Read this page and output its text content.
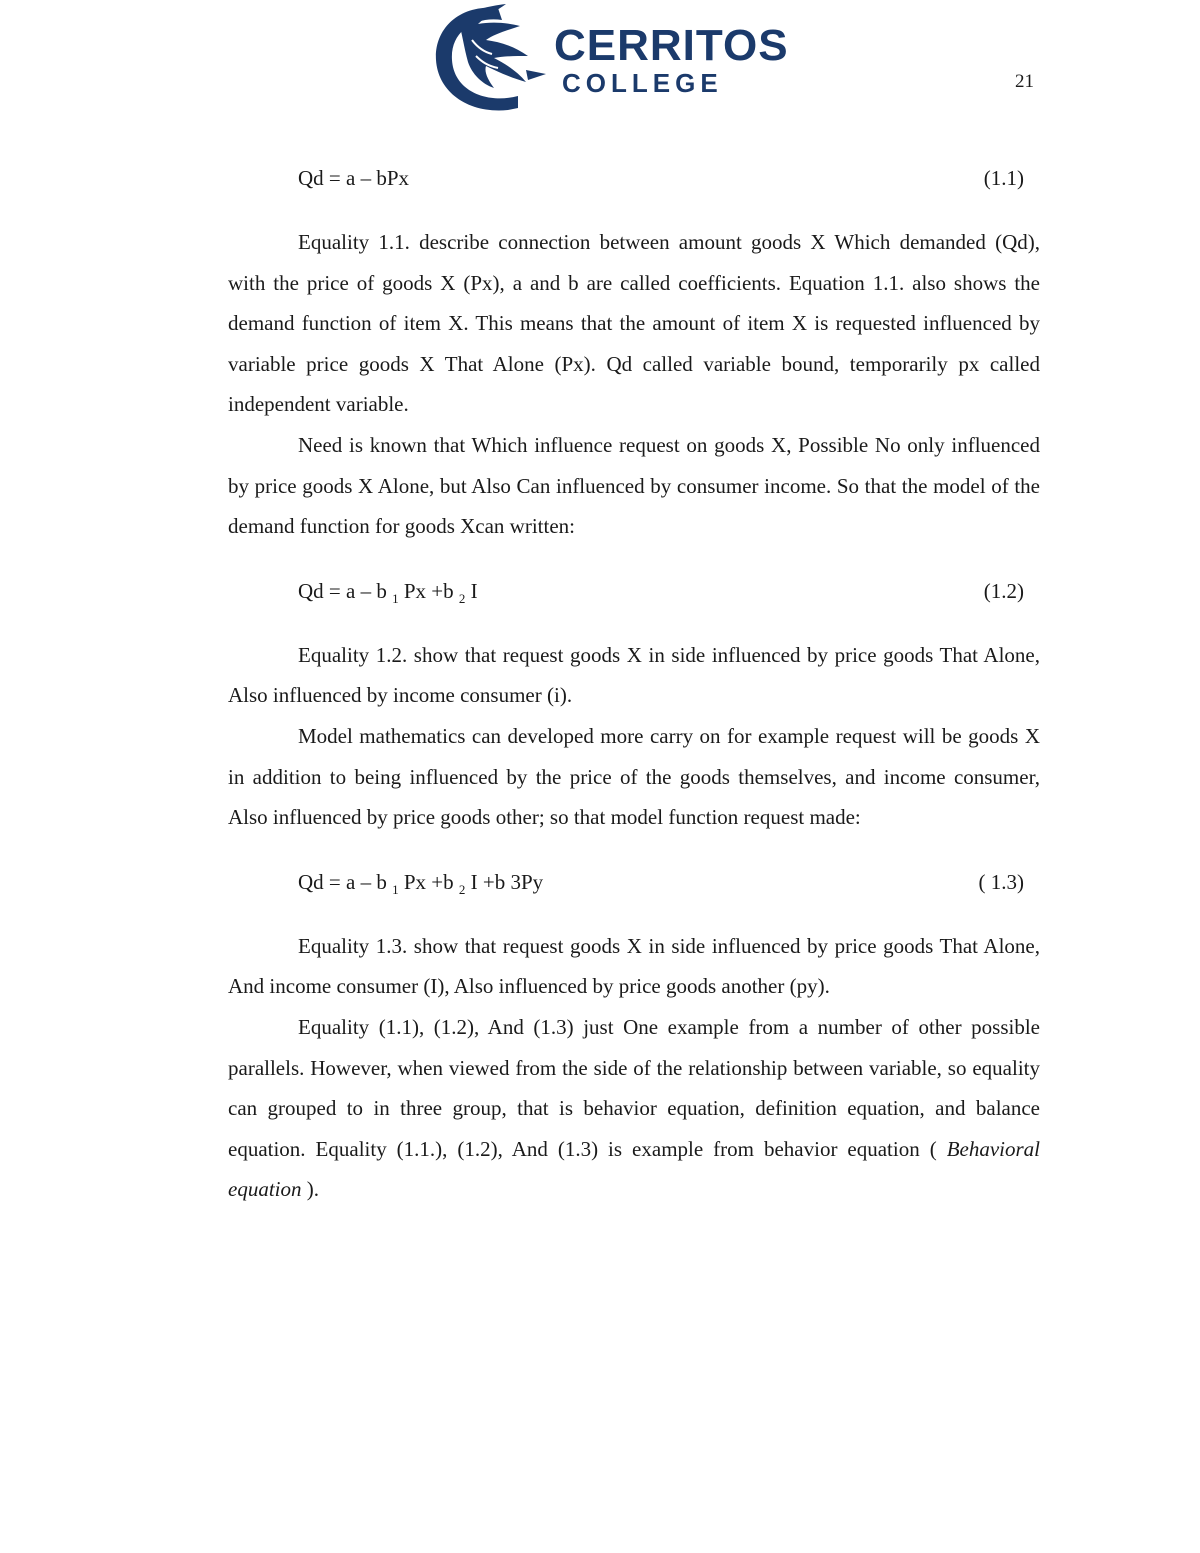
CERRITOS
COLLEGE	21
Qd = a – bPx	(1.1)

Equality 1.1. describe connection between amount goods X Which demanded (Qd), with the price of goods X (Px), a and b are called coefficients. Equation 1.1. also shows the demand function of item X. This means that the amount of item X is requested influenced by variable price goods X That Alone (Px). Qd called variable bound, temporarily px called independent variable.

Need is known that Which influence request on goods X, Possible No only influenced by price goods X Alone, but Also Can influenced by consumer income. So that the model of the demand function for goods Xcan written:

Qd = a – b $_1$ Px +b $_2$ I	(1.2)

Equality 1.2. show that request goods X in side influenced by price goods That Alone, Also influenced by income consumer (i).

Model mathematics can developed more carry on for example request will be goods X in addition to being influenced by the price of the goods themselves, and income consumer, Also influenced by price goods other; so that model function request made:

Qd = a – b $_1$ Px +b $_2$ I +b 3Py	( 1.3)

Equality 1.3. show that request goods X in side influenced by price goods That Alone, And income consumer (I), Also influenced by price goods another (py).

Equality (1.1), (1.2), And (1.3) just One example from a number of other possible parallels. However, when viewed from the side of the relationship between variable, so equality can grouped to in three group, that is behavior equation, definition equation, and balance equation. Equality (1.1.), (1.2), And (1.3) is example from behavior equation ( Behavioral equation ).
